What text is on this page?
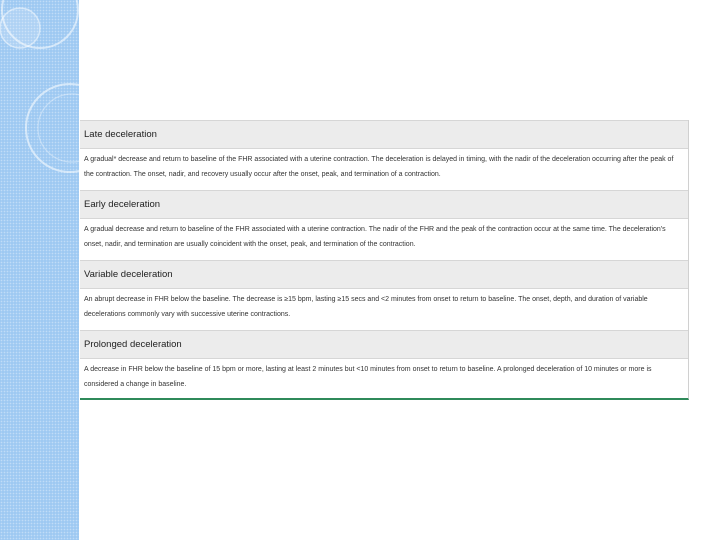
Late deceleration
A gradual* decrease and return to baseline of the FHR associated with a uterine contraction. The deceleration is delayed in timing, with the nadir of the deceleration occurring after the peak of the contraction. The onset, nadir, and recovery usually occur after the onset, peak, and termination of a contraction.
Early deceleration
A gradual decrease and return to baseline of the FHR associated with a uterine contraction. The nadir of the FHR and the peak of the contraction occur at the same time. The deceleration's onset, nadir, and termination are usually coincident with the onset, peak, and termination of the contraction.
Variable deceleration
An abrupt decrease in FHR below the baseline. The decrease is ≥15 bpm, lasting ≥15 secs and <2 minutes from onset to return to baseline. The onset, depth, and duration of variable decelerations commonly vary with successive uterine contractions.
Prolonged deceleration
A decrease in FHR below the baseline of 15 bpm or more, lasting at least 2 minutes but <10 minutes from onset to return to baseline. A prolonged deceleration of 10 minutes or more is considered a change in baseline.
